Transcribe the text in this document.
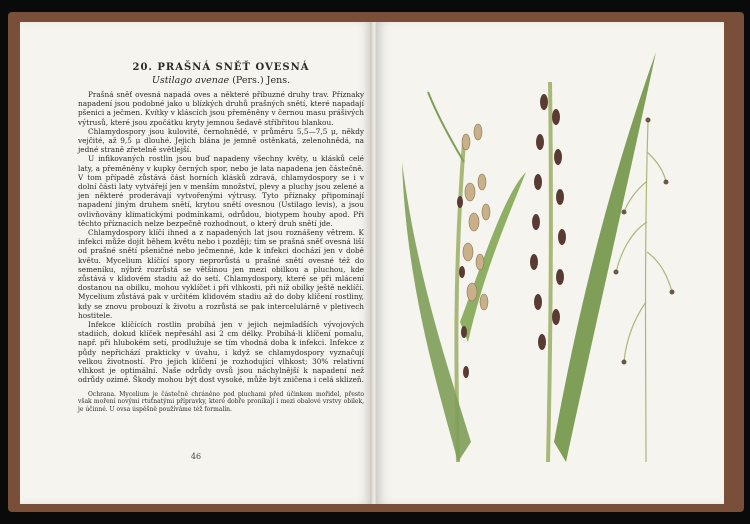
20. PRAŠNÁ SNĚŤ OVESNÁ

Ustilago avenae (Pers.) Jens.

Prašná sněť ovesná napadá oves a některé příbuzné druhy trav. Příznaky napadení jsou podobné jako u blízkých druhů prašných snětí, které napadají pšenici a ječmen. Kvítky v kláscích jsou přeměněny v černou masu prášivých výtrusů, které jsou zpočátku kryty jemnou šedavě stříbřitou blankou.

Chlamydospory jsou kulovité, černohnědé, v průměru 5,5—7,5 μ, někdy vejčité, až 9,5 μ dlouhé. Jejich blána je jemně ostěnkatá, zelenohnědá, na jedné straně zřetelně světlejší.

U infikovaných rostlin jsou buď napadeny všechny květy, u klásků celé laty, a přeměněny v kupky černých spor, nebo je lata napadena jen částečně. V tom případě zůstává část horních klásků zdravá, chlamydospory se i v dolní části laty vytvářejí jen v menším množství, plevy a pluchy jsou zelené a jen některé proderávají vytvořenými výtrusy. Tyto příznaky připomínají napadení jiným druhem snětí, krytou snětí ovesnou (Ustilago levis), a jsou ovlivňovány klimatickými podmínkami, odrůdou, biotypem houby apod. Při těchto příznacích nelze bezpečně rozhodnout, o který druh snětí jde.

Chlamydospory klíčí ihned a z napadených lat jsou roznášeny větrem. K infekci může dojít během květu nebo i později; tím se prašná sněť ovesná liší od prašné snětí pšeničné nebo ječmenné, kde k infekci dochází jen v době květu. Mycelium klíčící spory neprorůstá u prašné snětí ovesné též do semeníku, nýbrž rozrůstá se většinou jen mezi obilkou a pluchou, kde zůstává v klidovém stadiu až do setí. Chlamydospory, které se při mlácení dostanou na obilku, mohou vyklíčet i při vlhkosti, při níž obilky ještě neklíčí. Mycelium zůstává pak v určitém klidovém stadiu až do doby klíčení rostliny, kdy se znovu probouzí k životu a rozrůstá se pak intercelulárně v pletivech hostitele.

Infekce klíčících rostlin probíhá jen v jejich nejmladších vývojových stadiích, dokud klíček nepřesáhl asi 2 cm délky. Probíhá-li klíčení pomalu, např. při hlubokém setí, prodlužuje se tím vhodná doba k infekci. Infekce z půdy nepřichází prakticky v úvahu, i když se chlamydospory vyznačují velkou životností. Pro jejich klíčení je rozhodující vlhkost; 30% relativní vlhkost je optimální. Naše odrůdy ovsů jsou náchylnější k napadení než odrůdy ozimé. Škody mohou být dost vysoké, může být zničena i celá sklizeň.

Ochrana. Mycelium je částečně chráněno pod pluchami před účinkem mořidel, přesto však moření novými rtuťnatými přípravky, které dobře pronikají i mezi obalové vrstvy obilek, je účinné. U ovsa úspěšně používáme též formalín.

46
